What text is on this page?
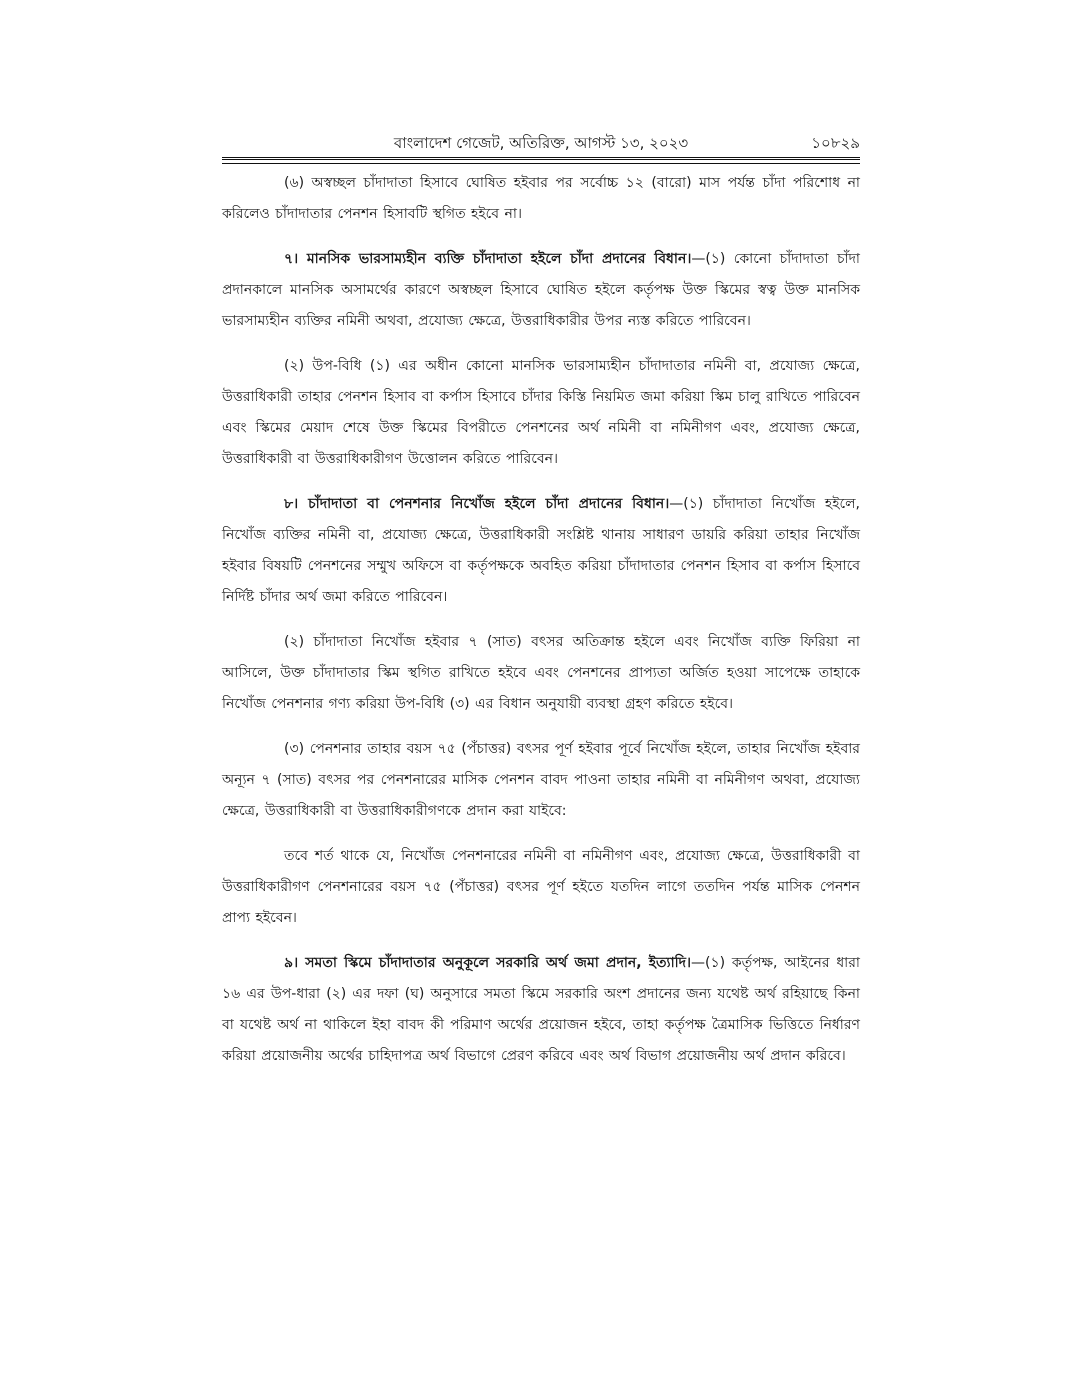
বাংলাদেশ গেজেট, অতিরিক্ত, আগস্ট ১৩, ২০২৩	১০৮২৯

(৬) অস্বচ্ছল চাঁদাদাতা হিসাবে ঘোষিত হইবার পর সর্বোচ্চ ১২ (বারো) মাস পর্যন্ত চাঁদা পরিশোধ না করিলেও চাঁদাদাতার পেনশন হিসাবটি স্থগিত হইবে না।

৭। মানসিক ভারসাম্যহীন ব্যক্তি চাঁদাদাতা হইলে চাঁদা প্রদানের বিধান।—(১) কোনো চাঁদাদাতা চাঁদা প্রদানকালে মানসিক অসামর্থের কারণে অস্বচ্ছল হিসাবে ঘোষিত হইলে কর্তৃপক্ষ উক্ত স্কিমের স্বত্ব উক্ত মানসিক ভারসাম্যহীন ব্যক্তির নমিনী অথবা, প্রযোজ্য ক্ষেত্রে, উত্তরাধিকারীর উপর ন্যস্ত করিতে পারিবেন।

(২) উপ-বিধি (১) এর অধীন কোনো মানসিক ভারসাম্যহীন চাঁদাদাতার নমিনী বা, প্রযোজ্য ক্ষেত্রে, উত্তরাধিকারী তাহার পেনশন হিসাব বা কর্পাস হিসাবে চাঁদার কিস্তি নিয়মিত জমা করিয়া স্কিম চালু রাখিতে পারিবেন এবং স্কিমের মেয়াদ শেষে উক্ত স্কিমের বিপরীতে পেনশনের অর্থ নমিনী বা নমিনীগণ এবং, প্রযোজ্য ক্ষেত্রে, উত্তরাধিকারী বা উত্তরাধিকারীগণ উত্তোলন করিতে পারিবেন।

৮। চাঁদাদাতা বা পেনশনার নিখোঁজ হইলে চাঁদা প্রদানের বিধান।—(১) চাঁদাদাতা নিখোঁজ হইলে, নিখোঁজ ব্যক্তির নমিনী বা, প্রযোজ্য ক্ষেত্রে, উত্তরাধিকারী সংশ্লিষ্ট থানায় সাধারণ ডায়রি করিয়া তাহার নিখোঁজ হইবার বিষয়টি পেনশনের সম্মুখ অফিসে বা কর্তৃপক্ষকে অবহিত করিয়া চাঁদাদাতার পেনশন হিসাব বা কর্পাস হিসাবে নির্দিষ্ট চাঁদার অর্থ জমা করিতে পারিবেন।

(২) চাঁদাদাতা নিখোঁজ হইবার ৭ (সাত) বৎসর অতিক্রান্ত হইলে এবং নিখোঁজ ব্যক্তি ফিরিয়া না আসিলে, উক্ত চাঁদাদাতার স্কিম স্থগিত রাখিতে হইবে এবং পেনশনের প্রাপ্যতা অর্জিত হওয়া সাপেক্ষে তাহাকে নিখোঁজ পেনশনার গণ্য করিয়া উপ-বিধি (৩) এর বিধান অনুযায়ী ব্যবস্থা গ্রহণ করিতে হইবে।

(৩) পেনশনার তাহার বয়স ৭৫ (পঁচাত্তর) বৎসর পূর্ণ হইবার পূর্বে নিখোঁজ হইলে, তাহার নিখোঁজ হইবার অন্যূন ৭ (সাত) বৎসর পর পেনশনারের মাসিক পেনশন বাবদ পাওনা তাহার নমিনী বা নমিনীগণ অথবা, প্রযোজ্য ক্ষেত্রে, উত্তরাধিকারী বা উত্তরাধিকারীগণকে প্রদান করা যাইবে:

তবে শর্ত থাকে যে, নিখোঁজ পেনশনারের নমিনী বা নমিনীগণ এবং, প্রযোজ্য ক্ষেত্রে, উত্তরাধিকারী বা উত্তরাধিকারীগণ পেনশনারের বয়স ৭৫ (পঁচাত্তর) বৎসর পূর্ণ হইতে যতদিন লাগে ততদিন পর্যন্ত মাসিক পেনশন প্রাপ্য হইবেন।

৯। সমতা স্কিমে চাঁদাদাতার অনুকূলে সরকারি অর্থ জমা প্রদান, ইত্যাদি।—(১) কর্তৃপক্ষ, আইনের ধারা ১৬ এর উপ-ধারা (২) এর দফা (ঘ) অনুসারে সমতা স্কিমে সরকারি অংশ প্রদানের জন্য যথেষ্ট অর্থ রহিয়াছে কিনা বা যথেষ্ট অর্থ না থাকিলে ইহা বাবদ কী পরিমাণ অর্থের প্রয়োজন হইবে, তাহা কর্তৃপক্ষ ত্রৈমাসিক ভিত্তিতে নির্ধারণ করিয়া প্রয়োজনীয় অর্থের চাহিদাপত্র অর্থ বিভাগে প্রেরণ করিবে এবং অর্থ বিভাগ প্রয়োজনীয় অর্থ প্রদান করিবে।
